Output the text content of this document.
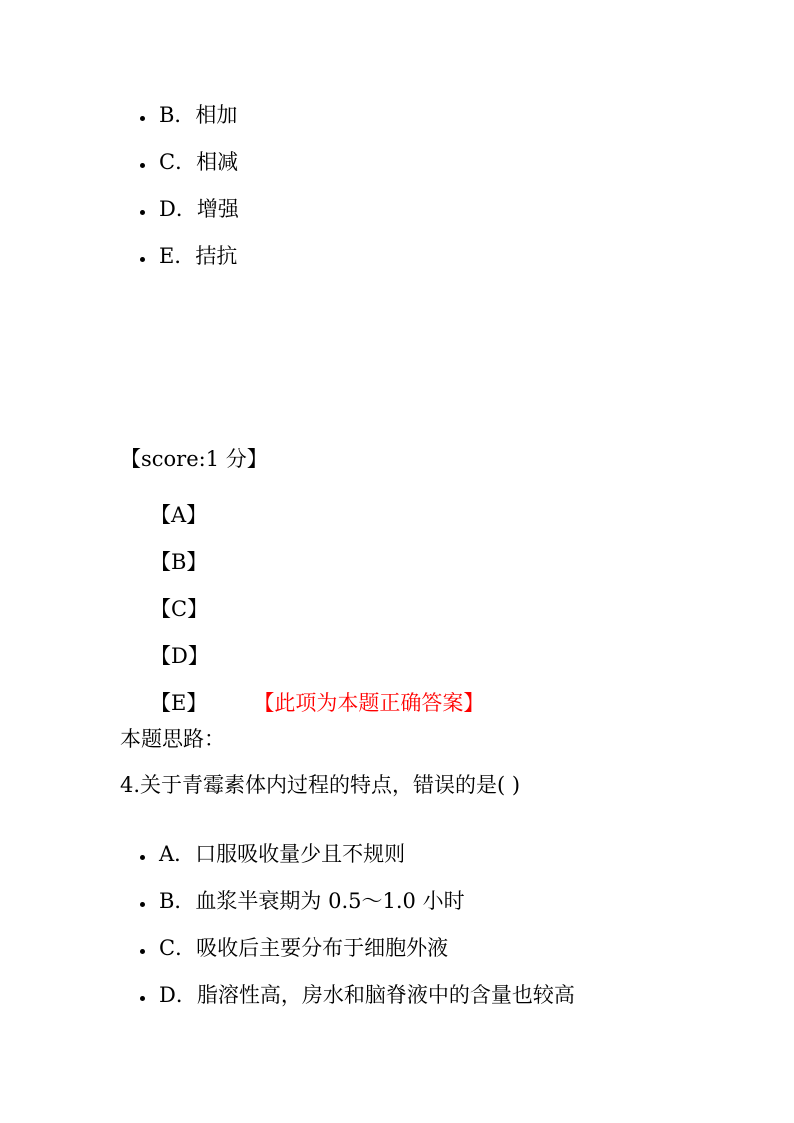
B．相加
C．相减
D．增强
E．拮抗
【score:1 分】
【A】
【B】
【C】
【D】
【E】 【此项为本题正确答案】
本题思路：
4.关于青霉素体内过程的特点，错误的是( )
A．口服吸收量少且不规则
B．血浆半衰期为 0.5～1.0 小时
C．吸收后主要分布于细胞外液
D．脂溶性高，房水和脑脊液中的含量也较高
